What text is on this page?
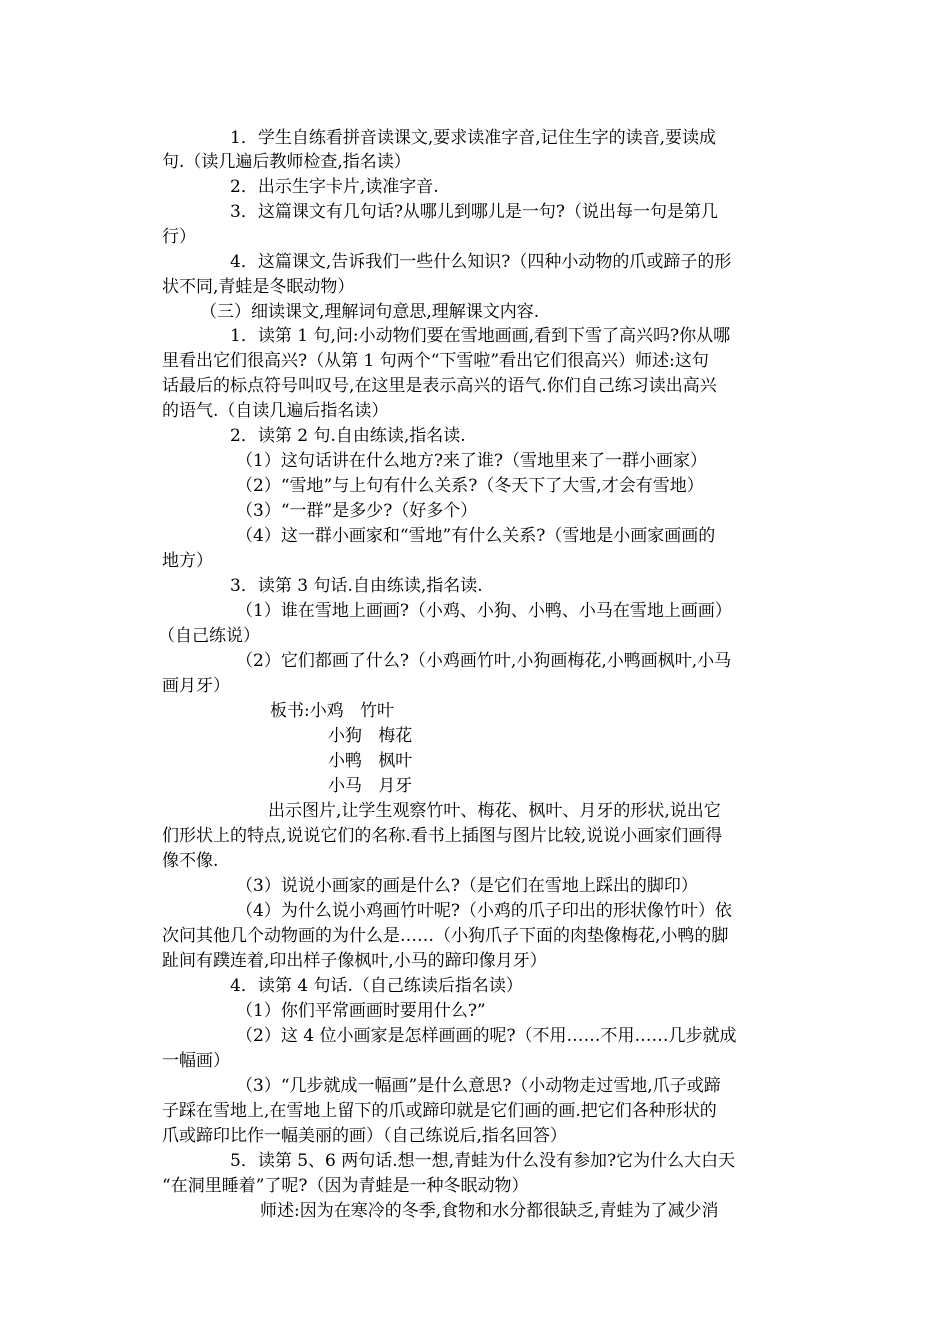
1．学生自练看拼音读课文,要求读准字音,记住生字的读音,要读成
句.（读几遍后教师检查,指名读）
2．出示生字卡片,读准字音.
3．这篇课文有几句话?从哪儿到哪儿是一句?（说出每一句是第几
行）
4．这篇课文,告诉我们一些什么知识?（四种小动物的爪或蹄子的形
状不同,青蛙是冬眠动物）
（三）细读课文,理解词句意思,理解课文内容.
1．读第 1 句,问:小动物们要在雪地画画,看到下雪了高兴吗?你从哪
里看出它们很高兴?（从第 1 句两个“下雪啦”看出它们很高兴）师述:这句
话最后的标点符号叫叹号,在这里是表示高兴的语气.你们自己练习读出高兴
的语气.（自读几遍后指名读）
2．读第 2 句.自由练读,指名读.
（1）这句话讲在什么地方?来了谁?（雪地里来了一群小画家）
（2）“雪地”与上句有什么关系?（冬天下了大雪,才会有雪地）
（3）“一群”是多少?（好多个）
（4）这一群小画家和“雪地”有什么关系?（雪地是小画家画画的
地方）
3．读第 3 句话.自由练读,指名读.
（1）谁在雪地上画画?（小鸡、小狗、小鸭、小马在雪地上画画）
（自己练说）
（2）它们都画了什么?（小鸡画竹叶,小狗画梅花,小鸭画枫叶,小马
画月牙）
板书:小鸡   竹叶
小狗   梅花
小鸭   枫叶
小马   月牙
出示图片,让学生观察竹叶、梅花、枫叶、月牙的形状,说出它
们形状上的特点,说说它们的名称.看书上插图与图片比较,说说小画家们画得
像不像.
（3）说说小画家的画是什么?（是它们在雪地上踩出的脚印）
（4）为什么说小鸡画竹叶呢?（小鸡的爪子印出的形状像竹叶）依
次问其他几个动物画的为什么是……（小狗爪子下面的肉垫像梅花,小鸭的脚
趾间有蹼连着,印出样子像枫叶,小马的蹄印像月牙）
4．读第 4 句话.（自己练读后指名读）
（1）你们平常画画时要用什么?”
（2）这 4 位小画家是怎样画画的呢?（不用……不用……几步就成
一幅画）
（3）“几步就成一幅画”是什么意思?（小动物走过雪地,爪子或蹄
子踩在雪地上,在雪地上留下的爪或蹄印就是它们画的画.把它们各种形状的
爪或蹄印比作一幅美丽的画）（自己练说后,指名回答）
5．读第 5、6 两句话.想一想,青蛙为什么没有参加?它为什么大白天
“在洞里睡着”了呢?（因为青蛙是一种冬眠动物）
师述:因为在寒冷的冬季,食物和水分都很缺乏,青蛙为了减少消
